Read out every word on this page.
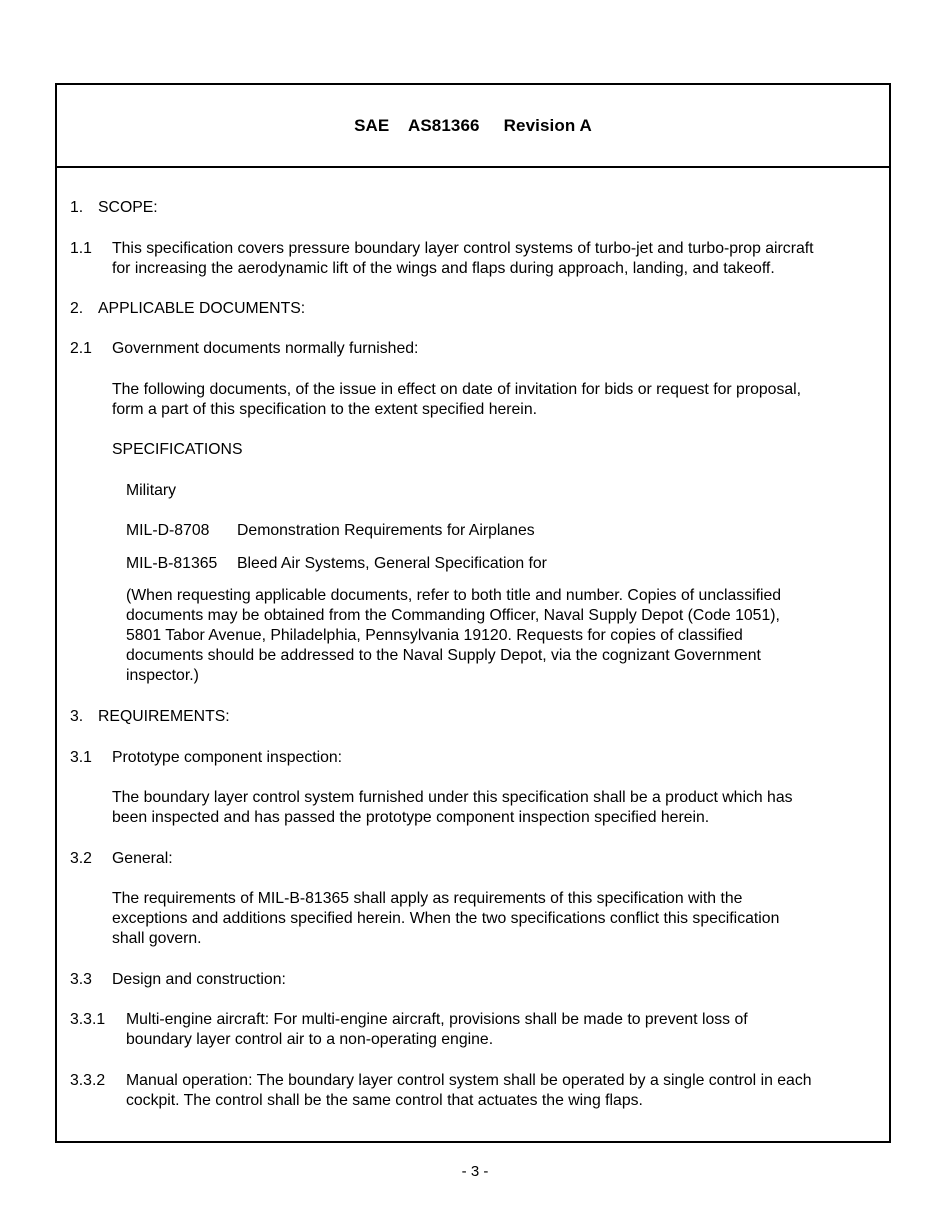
SAE    AS81366     Revision A
1. SCOPE:
1.1 This specification covers pressure boundary layer control systems of turbo-jet and turbo-prop aircraft
for increasing the aerodynamic lift of the wings and flaps during approach, landing, and takeoff.
2. APPLICABLE DOCUMENTS:
2.1 Government documents normally furnished:
The following documents, of the issue in effect on date of invitation for bids or request for proposal,
form a part of this specification to the extent specified herein.
SPECIFICATIONS
Military
MIL-D-8708 Demonstration Requirements for Airplanes
MIL-B-81365 Bleed Air Systems, General Specification for
(When requesting applicable documents, refer to both title and number. Copies of unclassified
documents may be obtained from the Commanding Officer, Naval Supply Depot (Code 1051),
5801 Tabor Avenue, Philadelphia, Pennsylvania 19120. Requests for copies of classified
documents should be addressed to the Naval Supply Depot, via the cognizant Government
inspector.)
3. REQUIREMENTS:
3.1 Prototype component inspection:
The boundary layer control system furnished under this specification shall be a product which has
been inspected and has passed the prototype component inspection specified herein.
3.2 General:
The requirements of MIL-B-81365 shall apply as requirements of this specification with the
exceptions and additions specified herein. When the two specifications conflict this specification
shall govern.
3.3 Design and construction:
3.3.1 Multi-engine aircraft: For multi-engine aircraft, provisions shall be made to prevent loss of
boundary layer control air to a non-operating engine.
3.3.2 Manual operation: The boundary layer control system shall be operated by a single control in each
cockpit. The control shall be the same control that actuates the wing flaps.
- 3 -
